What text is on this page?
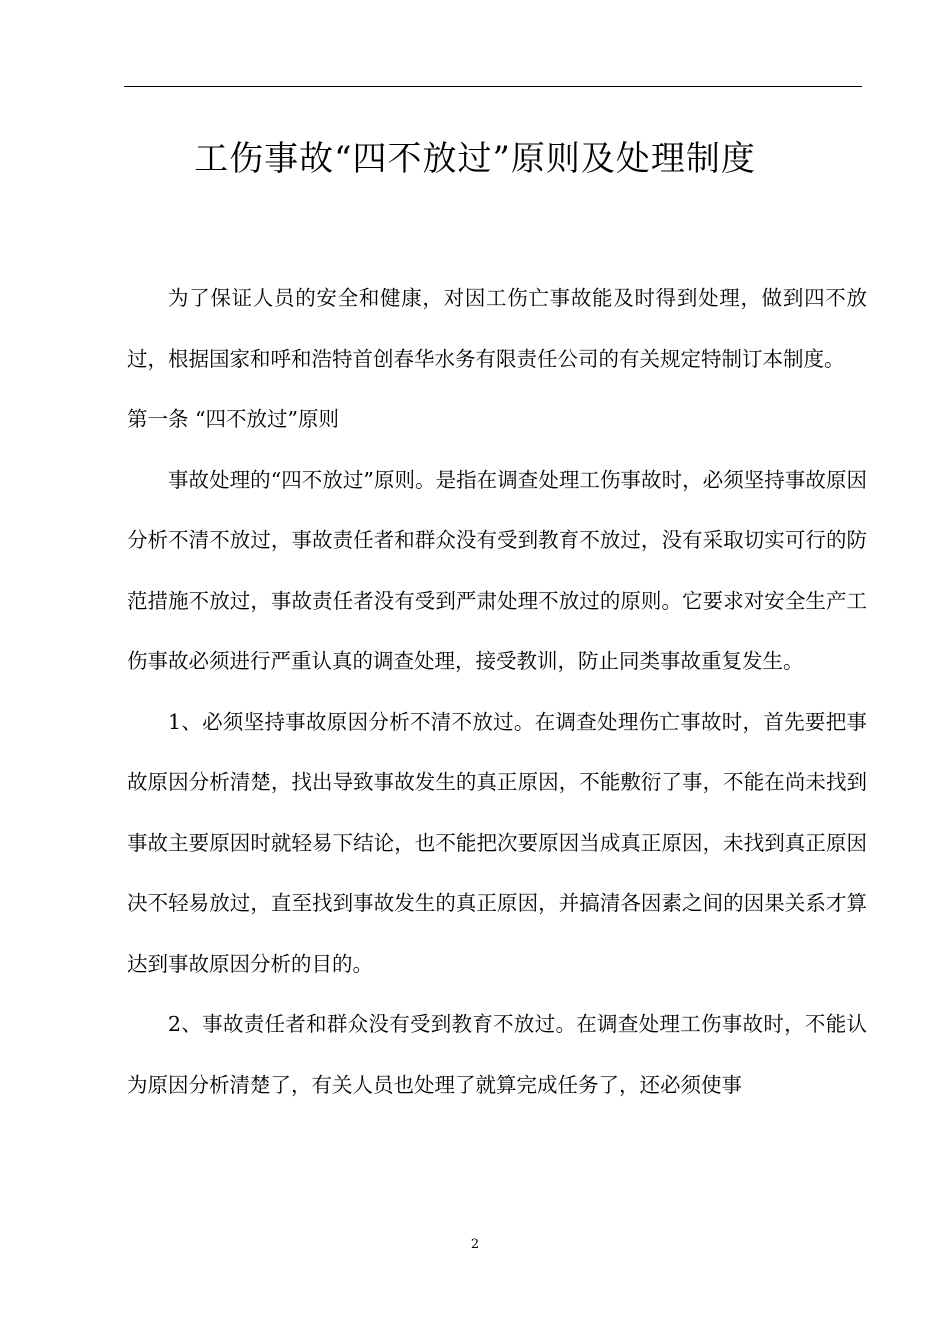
工伤事故“四不放过”原则及处理制度

为了保证人员的安全和健康，对因工伤亡事故能及时得到处理，做到四不放过，根据国家和呼和浩特首创春华水务有限责任公司的有关规定特制订本制度。

第一条 “四不放过”原则

事故处理的“四不放过”原则。是指在调查处理工伤事故时，必须坚持事故原因分析不清不放过，事故责任者和群众没有受到教育不放过，没有采取切实可行的防范措施不放过，事故责任者没有受到严肃处理不放过的原则。它要求对安全生产工伤事故必须进行严重认真的调查处理，接受教训，防止同类事故重复发生。

1、必须坚持事故原因分析不清不放过。在调查处理伤亡事故时，首先要把事故原因分析清楚，找出导致事故发生的真正原因，不能敷衍了事，不能在尚未找到事故主要原因时就轻易下结论，也不能把次要原因当成真正原因，未找到真正原因决不轻易放过，直至找到事故发生的真正原因，并搞清各因素之间的因果关系才算达到事故原因分析的目的。

2、事故责任者和群众没有受到教育不放过。在调查处理工伤事故时，不能认为原因分析清楚了，有关人员也处理了就算完成任务了，还必须使事

2
